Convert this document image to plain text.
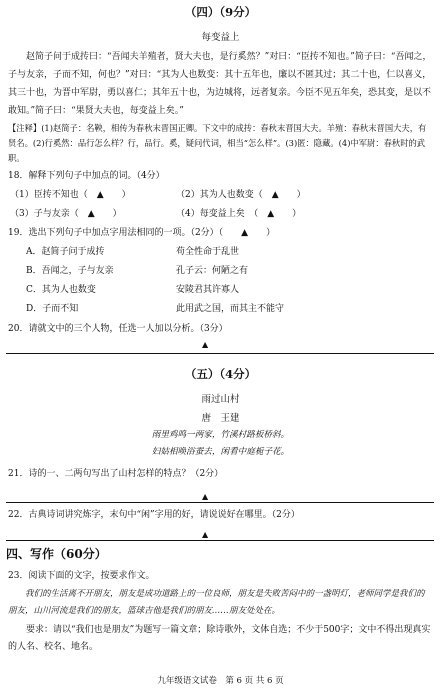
（四）（9分）
每变益上
赵简子问于成抟曰：“吾闻夫羊殖者，贤大夫也，是行奚然？”对曰：“臣抟不知也。”简子曰：“吾闻之，子与友亲，子而不知，何也？”对曰：“其为人也数变：其十五年也，廉以不匿其过；其二十也，仁以喜义，其三十也，为晋中军尉，勇以喜仁；其年五十也，为边城将，远者复亲。今臣不见五年矣，恐其变，是以不敢知。”简子曰：“果贤大夫也，每变益上矣。”
【注释】(1)赵简子：名鞅，相传为春秋末晋国正卿。下文中的成抟：春秋末晋国大夫。羊殖：春秋末晋国大夫，有贤名。(2)行奚然：品行怎么样？行，品行。奚，疑问代词，相当“怎么样”。(3)匿：隐藏。(4)中军尉：春秋时的武职。
18．解释下列句子中加点的词。（4分）
（1）臣抟不知也（　▲　　）	（2）其为人也数变（　▲　　）
（3）子与友亲（　▲　　）	（4）每变益上矣　（　▲　　）
19．选出下列句子中加点字用法相同的一项。（2分）（　　▲　　）
A．赵简子问于成抟	苟全性命于乱世
B．吾闻之，子与友亲	孔子云：何陋之有
C．其为人也数变	安陵君其许寡人
D．子而不知	此用武之国，而其主不能守
20．请就文中的三个人物，任选一人加以分析。（3分）
▲
（五）（4分）
雨过山村
唐　王建
雨里鸡鸣一两家，竹溪村路板桥斜。
妇姑相唤浴蚕去，闲看中庭栀子花。
21．诗的一、二两句写出了山村怎样的特点？（2分）
▲
22．古典诗词讲究炼字，末句中“闲”字用的好，请说说好在哪里。（2分）
▲
四、写作（60分）
23．阅读下面的文字，按要求作文。
我们的生活离不开朋友，朋友是成功道路上的一位良师，朋友是失败苦闷中的一盏明灯，老师同学是我们的朋友，山川河流是我们的朋友，篮球吉他是我们的朋友……朋友处处在。
要求：请以“我们也是朋友”为题写一篇文章；除诗歌外，文体自选；不少于500字；文中不得出现真实的人名、校名、地名。
九年级语文试卷　第 6 页 共 6 页
